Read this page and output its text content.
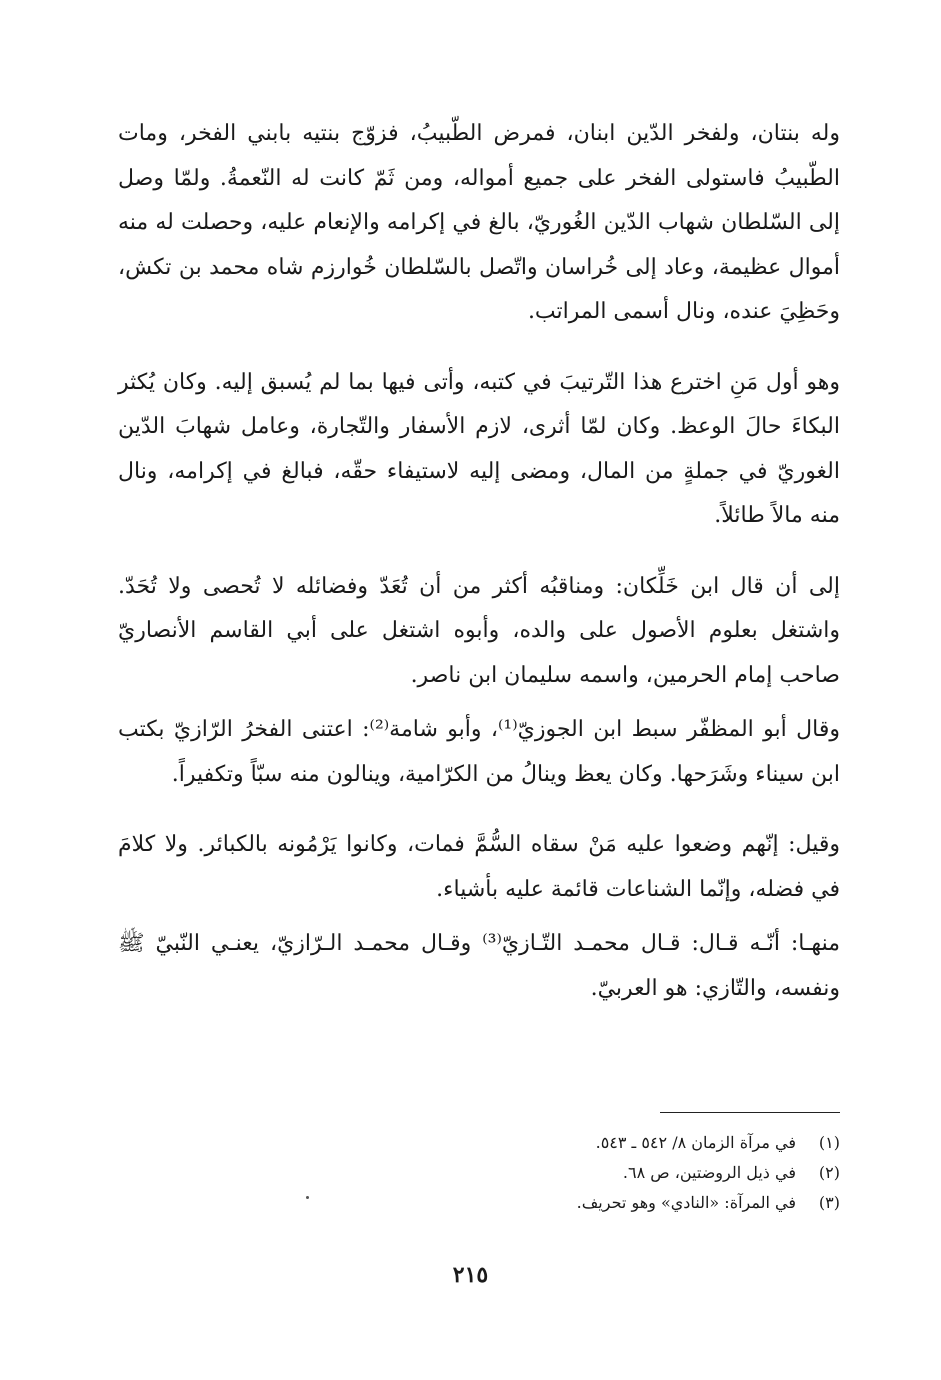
وله بنتان، ولفخر الدّين ابنان، فمرض الطّبيبُ، فزوّج بنتيه بابني الفخر، ومات الطّبيبُ فاستولى الفخر على جميع أمواله، ومن ثَمّ كانت له النّعمةُ. ولمّا وصل إلى السّلطان شهاب الدّين الغُوريّ، بالغ في إكرامه والإنعام عليه، وحصلت له منه أموال عظيمة، وعاد إلى خُراسان واتّصل بالسّلطان خُوارزم شاه محمد بن تكش، وحَظِيَ عنده، ونال أسمى المراتب.

وهو أول مَنِ اخترع هذا التّرتيبَ في كتبه، وأتى فيها بما لم يُسبق إليه. وكان يُكثر البكاءَ حالَ الوعظ. وكان لمّا أثرى، لازم الأسفار والتّجارة، وعامل شهابَ الدّين الغوريّ في جملةٍ من المال، ومضى إليه لاستيفاء حقّه، فبالغ في إكرامه، ونال منه مالاً طائلاً.

إلى أن قال ابن خَلِّكان: ومناقبُه أكثر من أن تُعَدّ وفضائله لا تُحصى ولا تُحَدّ. واشتغل بعلوم الأصول على والده، وأبوه اشتغل على أبي القاسم الأنصاريّ صاحب إمام الحرمين، واسمه سليمان ابن ناصر.

وقال أبو المظفّر سبط ابن الجوزيّ⁽¹⁾، وأبو شامة⁽²⁾: اعتنى الفخرُ الرّازيّ بكتب ابن سيناء وشَرَحها. وكان يعظ وينالُ من الكرّامية، وينالون منه سبّاً وتكفيراً.

وقيل: إنّهم وضعوا عليه مَنْ سقاه السُّمَّ فمات، وكانوا يَرْمُونه بالكبائر. ولا كلامَ في فضله، وإنّما الشناعات قائمة عليه بأشياء.

منهـا: أنّـه قـال: قـال محمـد التّـازيّ⁽³⁾ وقـال محمـد الـرّازيّ، يعنـي النّبيّ ﷺ ونفسه، والتّازي: هو العربيّ.

(١)في مرآة الزمان ٨/ ٥٤٢ ـ ٥٤٣.

(٢)في ذيل الروضتين، ص ٦٨.

(٣)في المرآة: «النادي» وهو تحريف.

٢١٥
